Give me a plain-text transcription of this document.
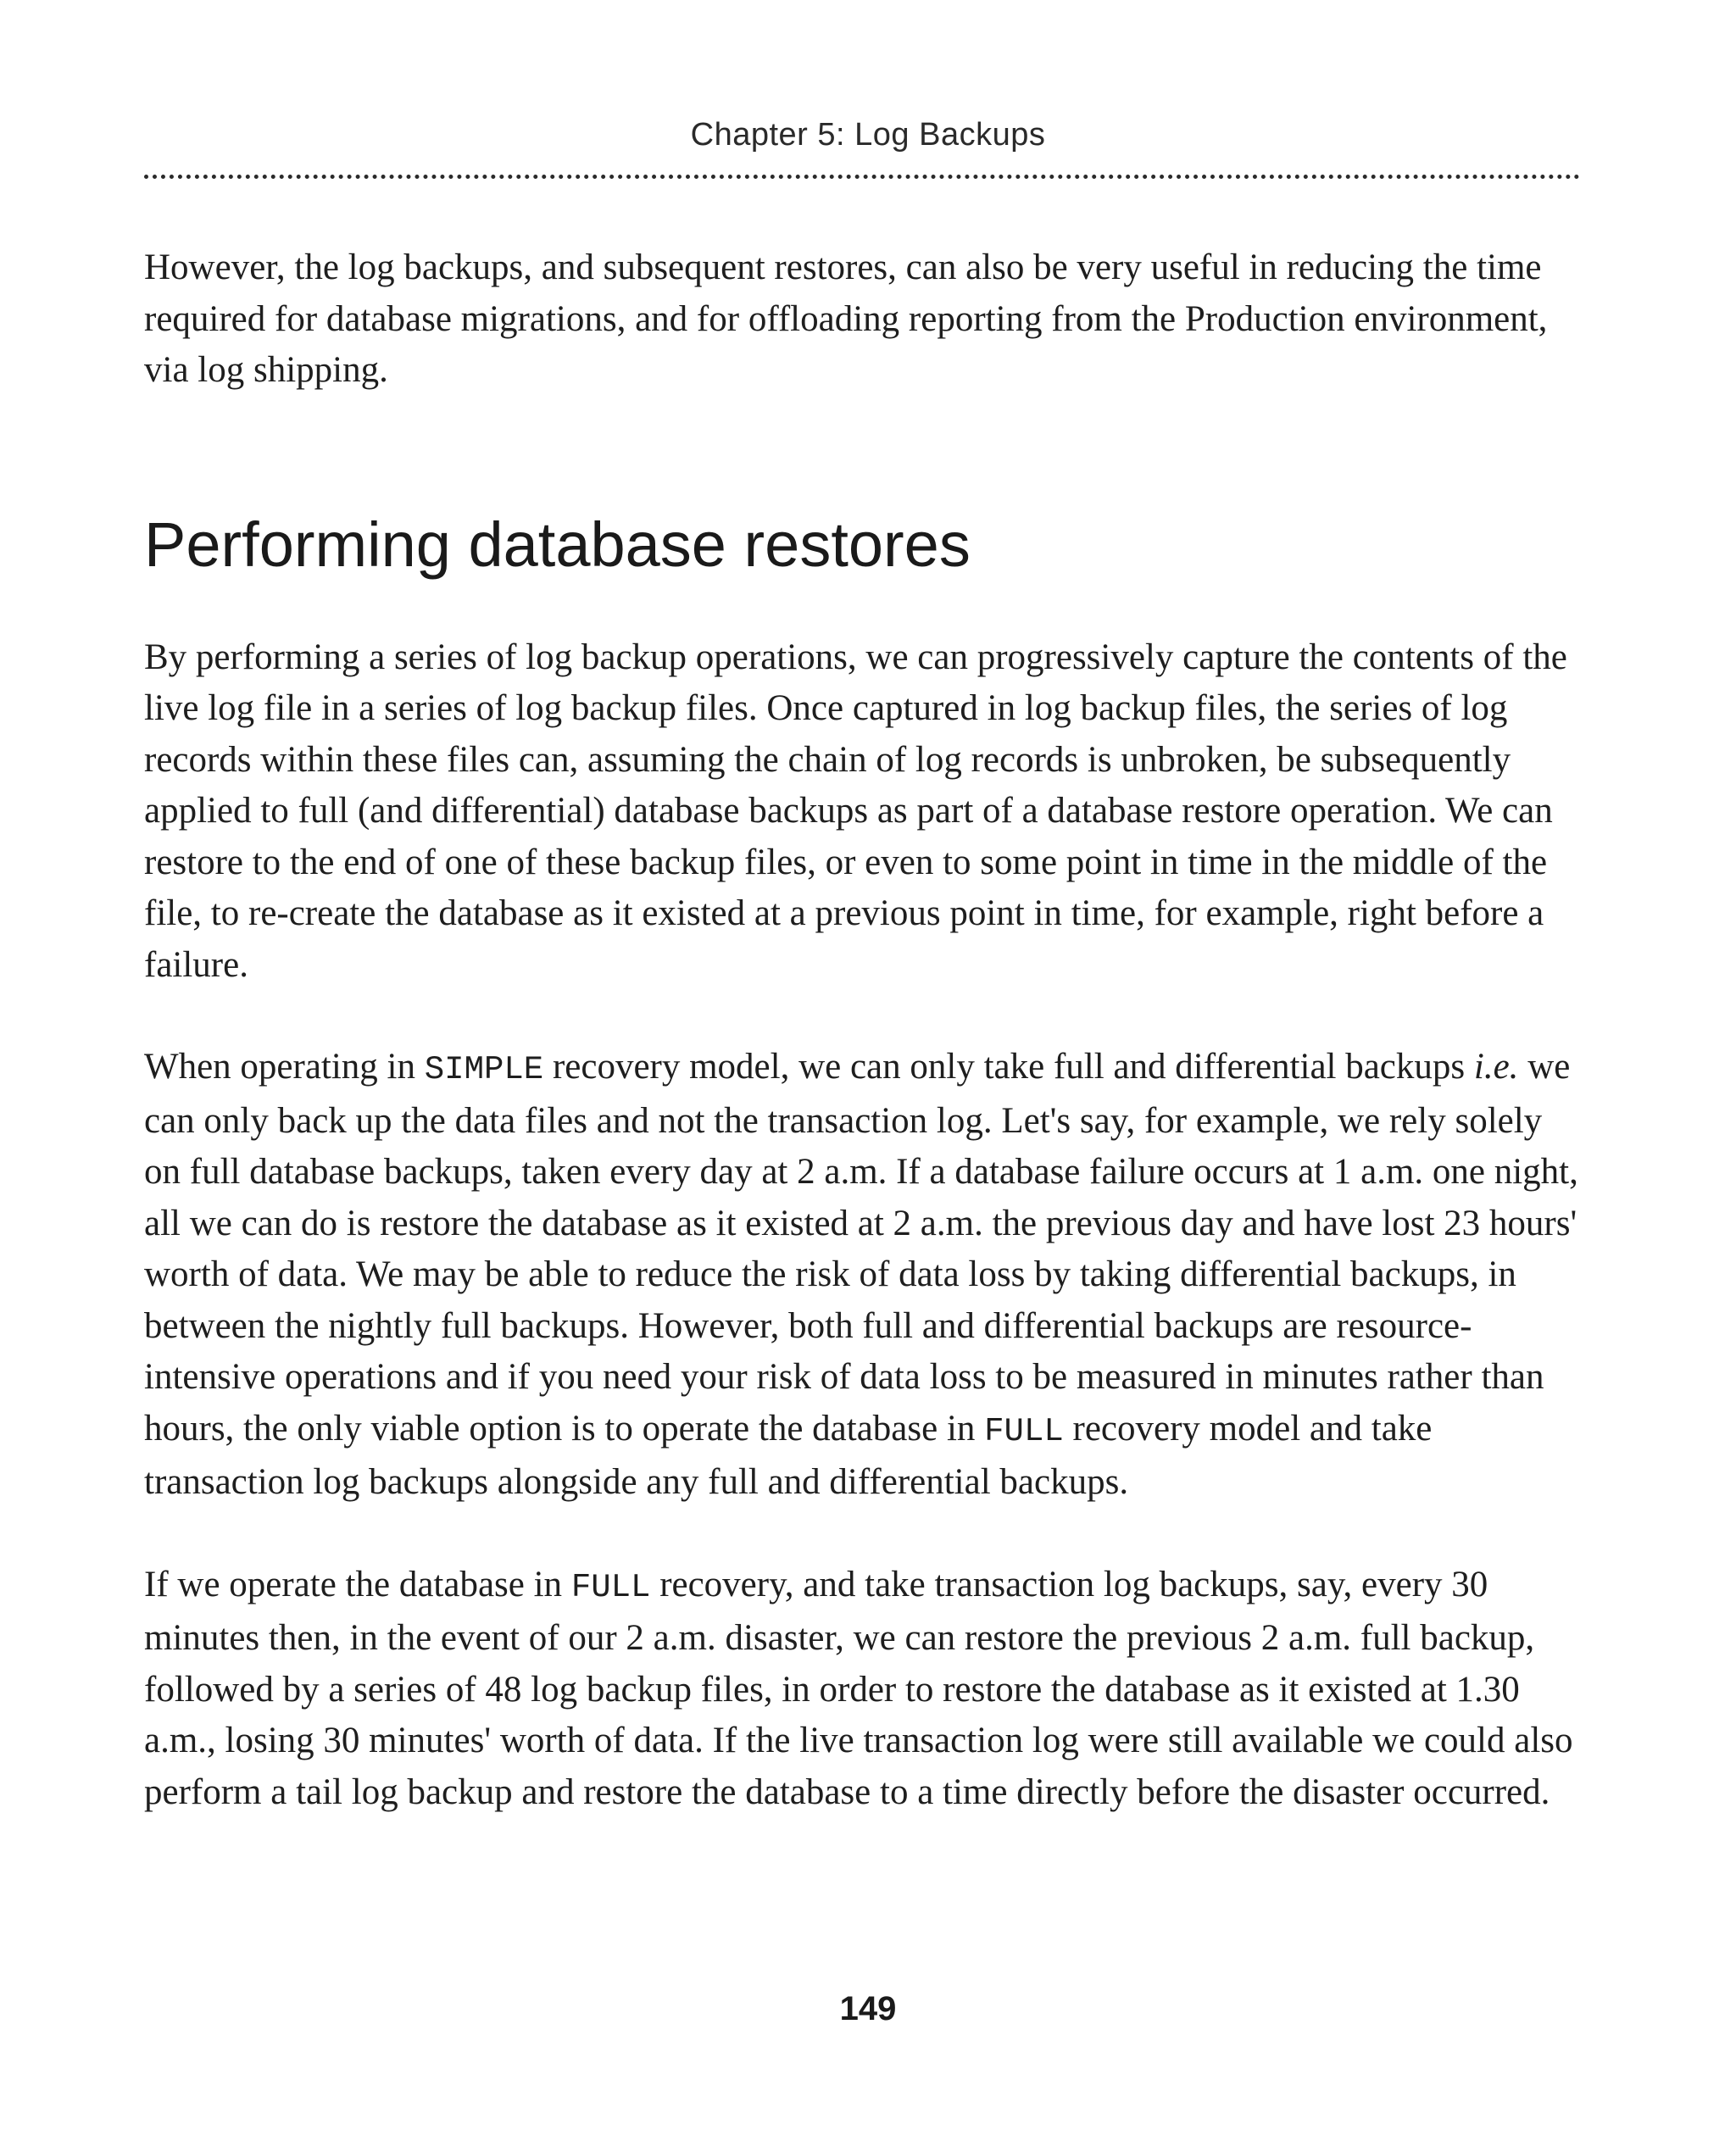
Chapter 5: Log Backups

However, the log backups, and subsequent restores, can also be very useful in reducing the time required for database migrations, and for offloading reporting from the Production environment, via log shipping.

Performing database restores

By performing a series of log backup operations, we can progressively capture the contents of the live log file in a series of log backup files. Once captured in log backup files, the series of log records within these files can, assuming the chain of log records is unbroken, be subsequently applied to full (and differential) database backups as part of a database restore operation. We can restore to the end of one of these backup files, or even to some point in time in the middle of the file, to re-create the database as it existed at a previous point in time, for example, right before a failure.

When operating in SIMPLE recovery model, we can only take full and differential backups i.e. we can only back up the data files and not the transaction log. Let's say, for example, we rely solely on full database backups, taken every day at 2 a.m. If a database failure occurs at 1 a.m. one night, all we can do is restore the database as it existed at 2 a.m. the previous day and have lost 23 hours' worth of data. We may be able to reduce the risk of data loss by taking differential backups, in between the nightly full backups. However, both full and differential backups are resource-intensive operations and if you need your risk of data loss to be measured in minutes rather than hours, the only viable option is to operate the database in FULL recovery model and take transaction log backups alongside any full and differential backups.

If we operate the database in FULL recovery, and take transaction log backups, say, every 30 minutes then, in the event of our 2 a.m. disaster, we can restore the previous 2 a.m. full backup, followed by a series of 48 log backup files, in order to restore the database as it existed at 1.30 a.m., losing 30 minutes' worth of data. If the live transaction log were still available we could also perform a tail log backup and restore the database to a time directly before the disaster occurred.

149
